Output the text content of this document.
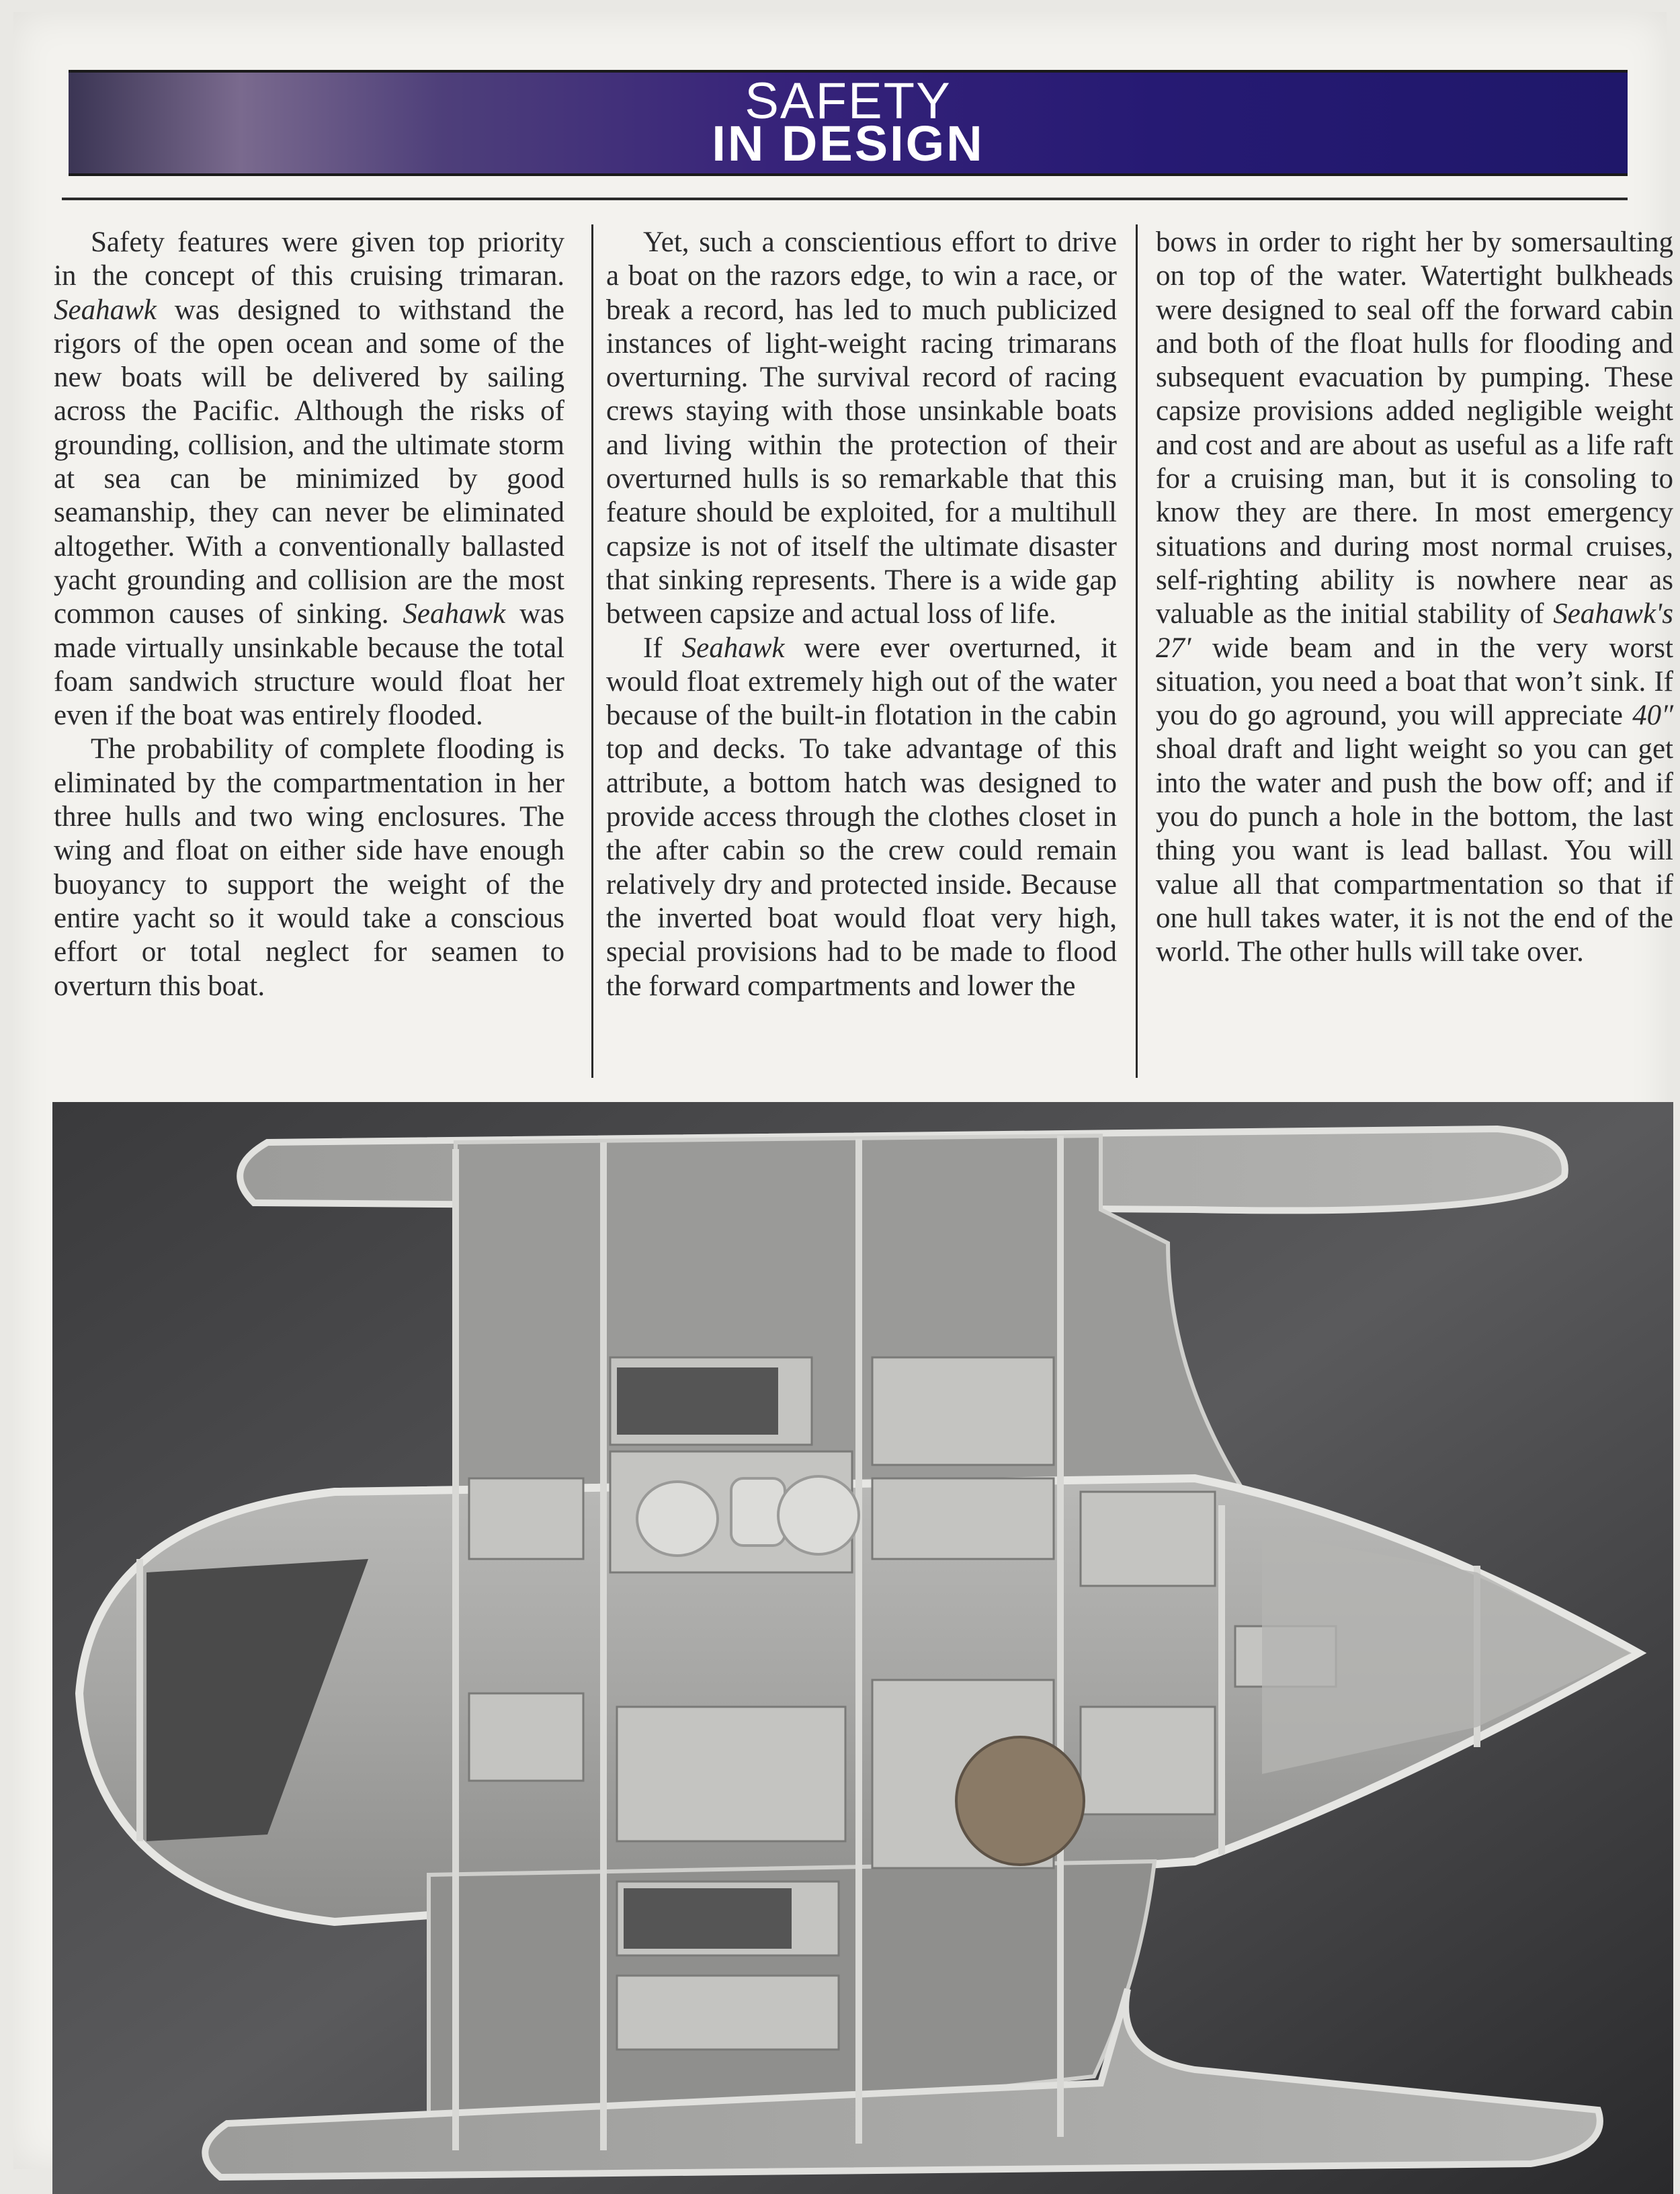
SAFETY
IN DESIGN

Safety features were given top priority in the concept of this cruising trimaran. Seahawk was designed to withstand the rigors of the open ocean and some of the new boats will be delivered by sailing across the Pacific. Although the risks of grounding, collision, and the ultimate storm at sea can be minimized by good seamanship, they can never be eliminated altogether. With a conventionally ballasted yacht grounding and collision are the most common causes of sinking. Seahawk was made virtually unsinkable because the total foam sandwich structure would float her even if the boat was entirely flooded.

The probability of complete flooding is eliminated by the compartmentation in her three hulls and two wing enclosures. The wing and float on either side have enough buoyancy to support the weight of the entire yacht so it would take a conscious effort or total neglect for seamen to overturn this boat.

Yet, such a conscientious effort to drive a boat on the razors edge, to win a race, or break a record, has led to much publicized instances of light-weight racing trimarans overturning. The survival record of racing crews staying with those unsinkable boats and living within the protection of their overturned hulls is so remarkable that this feature should be exploited, for a multihull capsize is not of itself the ultimate disaster that sinking represents. There is a wide gap between capsize and actual loss of life.

If Seahawk were ever overturned, it would float extremely high out of the water because of the built-in flotation in the cabin top and decks. To take advantage of this attribute, a bottom hatch was designed to provide access through the clothes closet in the after cabin so the crew could remain relatively dry and protected inside. Because the inverted boat would float very high, special provisions had to be made to flood the forward compartments and lower the

bows in order to right her by somersaulting on top of the water. Watertight bulkheads were designed to seal off the forward cabin and both of the float hulls for flooding and subsequent evacuation by pumping. These capsize provisions added negligible weight and cost and are about as useful as a life raft for a cruising man, but it is consoling to know they are there. In most emergency situations and during most normal cruises, self-righting ability is nowhere near as valuable as the initial stability of Seahawk's 27′ wide beam and in the very worst situation, you need a boat that won’t sink. If you do go aground, you will appreciate 40″ shoal draft and light weight so you can get into the water and push the bow off; and if you do punch a hole in the bottom, the last thing you want is lead ballast. You will value all that compartmentation so that if one hull takes water, it is not the end of the world. The other hulls will take over.
